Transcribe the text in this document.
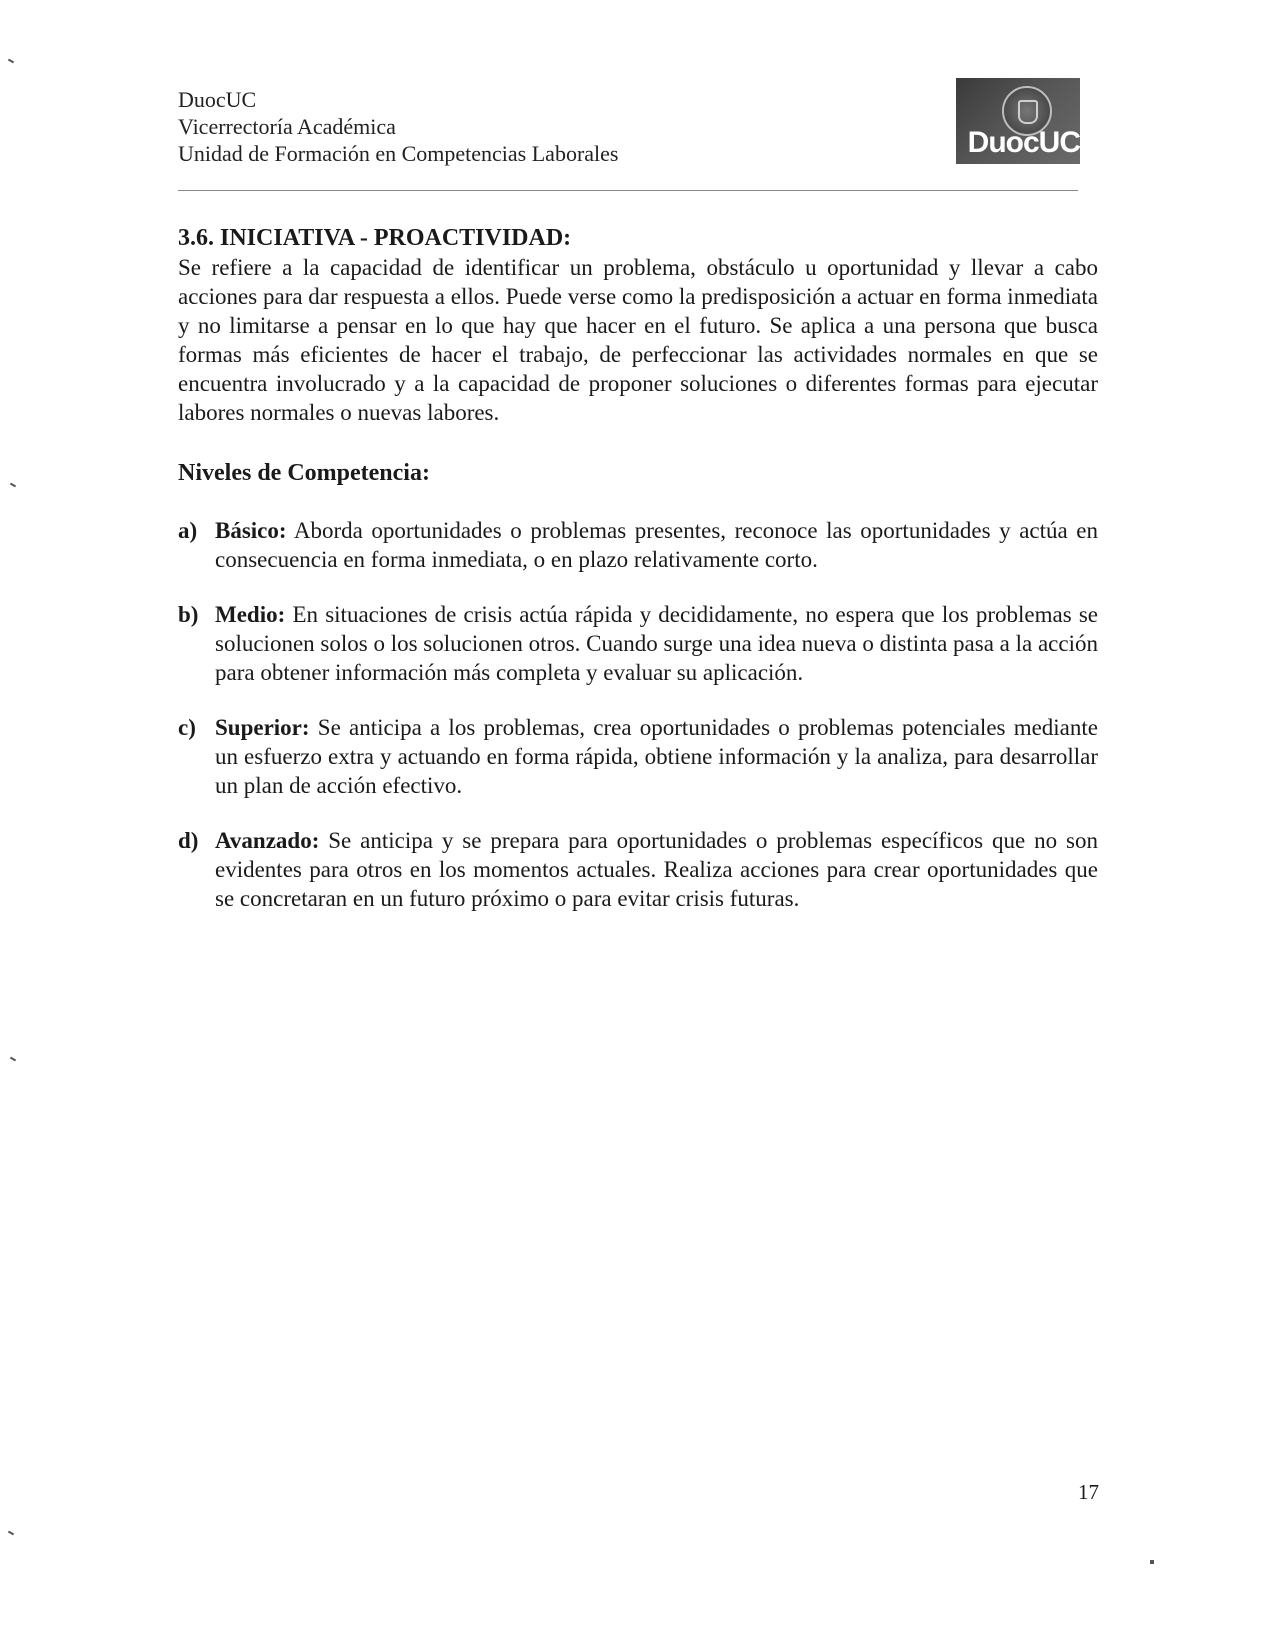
DuocUC

Vicerrectoría Académica

Unidad de Formación en Competencias Laborales	DuocUC

3.6. INICIATIVA - PROACTIVIDAD:

Se refiere a la capacidad de identificar un problema, obstáculo u oportunidad y llevar a cabo acciones para dar respuesta a ellos. Puede verse como la predisposición a actuar en forma inmediata y no limitarse a pensar en lo que hay que hacer en el futuro. Se aplica a una persona que busca formas más eficientes de hacer el trabajo, de perfeccionar las actividades normales en que se encuentra involucrado y a la capacidad de proponer soluciones o diferentes formas para ejecutar labores normales o nuevas labores.

Niveles de Competencia:

a) Básico: Aborda oportunidades o problemas presentes, reconoce las oportunidades y actúa en consecuencia en forma inmediata, o en plazo relativamente corto.
b) Medio: En situaciones de crisis actúa rápida y decididamente, no espera que los problemas se solucionen solos o los solucionen otros. Cuando surge una idea nueva o distinta pasa a la acción para obtener información más completa y evaluar su aplicación.
c) Superior: Se anticipa a los problemas, crea oportunidades o problemas potenciales mediante un esfuerzo extra y actuando en forma rápida, obtiene información y la analiza, para desarrollar un plan de acción efectivo.
d) Avanzado: Se anticipa y se prepara para oportunidades o problemas específicos que no son evidentes para otros en los momentos actuales. Realiza acciones para crear oportunidades que se concretaran en un futuro próximo o para evitar crisis futuras.
17
